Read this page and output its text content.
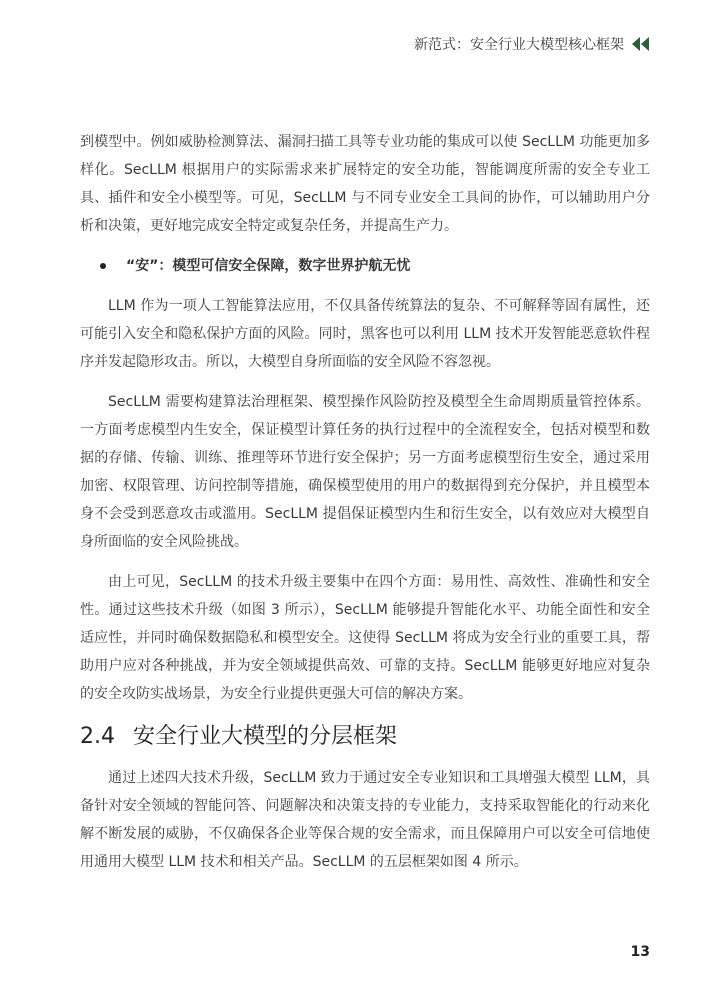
新范式：安全行业大模型核心框架

到模型中。例如威胁检测算法、漏洞扫描工具等专业功能的集成可以使 SecLLM 功能更加多样化。SecLLM 根据用户的实际需求来扩展特定的安全功能，智能调度所需的安全专业工具、插件和安全小模型等。可见，SecLLM 与不同专业安全工具间的协作，可以辅助用户分析和决策，更好地完成安全特定或复杂任务，并提高生产力。

“安”：模型可信安全保障，数字世界护航无忧

LLM 作为一项人工智能算法应用，不仅具备传统算法的复杂、不可解释等固有属性，还可能引入安全和隐私保护方面的风险。同时，黑客也可以利用 LLM 技术开发智能恶意软件程序并发起隐形攻击。所以，大模型自身所面临的安全风险不容忽视。

SecLLM 需要构建算法治理框架、模型操作风险防控及模型全生命周期质量管控体系。一方面考虑模型内生安全，保证模型计算任务的执行过程中的全流程安全，包括对模型和数据的存储、传输、训练、推理等环节进行安全保护；另一方面考虑模型衍生安全，通过采用加密、权限管理、访问控制等措施，确保模型使用的用户的数据得到充分保护，并且模型本身不会受到恶意攻击或滥用。SecLLM 提倡保证模型内生和衍生安全，以有效应对大模型自身所面临的安全风险挑战。

由上可见，SecLLM 的技术升级主要集中在四个方面：易用性、高效性、准确性和安全性。通过这些技术升级（如图 3 所示），SecLLM 能够提升智能化水平、功能全面性和安全适应性，并同时确保数据隐私和模型安全。这使得 SecLLM 将成为安全行业的重要工具，帮助用户应对各种挑战，并为安全领域提供高效、可靠的支持。SecLLM 能够更好地应对复杂的安全攻防实战场景，为安全行业提供更强大可信的解决方案。

2.4 安全行业大模型的分层框架

通过上述四大技术升级，SecLLM 致力于通过安全专业知识和工具增强大模型 LLM，具备针对安全领域的智能问答、问题解决和决策支持的专业能力，支持采取智能化的行动来化解不断发展的威胁，不仅确保各企业等保合规的安全需求，而且保障用户可以安全可信地使用通用大模型 LLM 技术和相关产品。SecLLM 的五层框架如图 4 所示。

13
